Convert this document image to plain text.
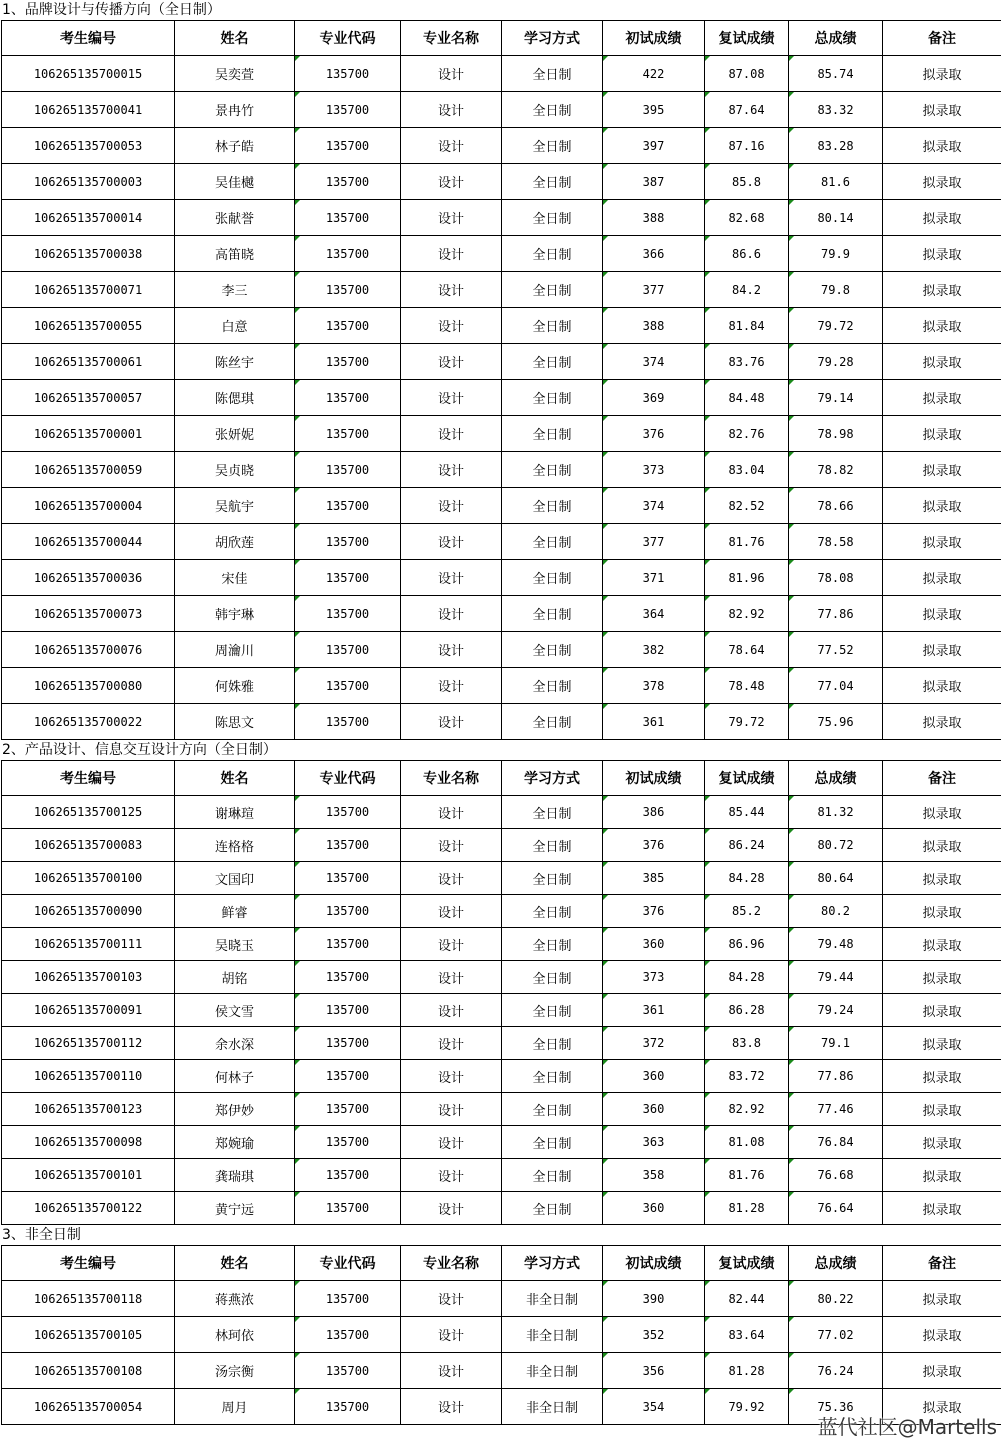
1、品牌设计与传播方向（全日制）
考生编号	姓名	专业代码	专业名称	学习方式	初试成绩	复试成绩	总成绩	备注
106265135700015	吴奕萱	135700	设计	全日制	422	87.08	85.74	拟录取
106265135700041	景冉竹	135700	设计	全日制	395	87.64	83.32	拟录取
106265135700053	林子皓	135700	设计	全日制	397	87.16	83.28	拟录取
106265135700003	吴佳樾	135700	设计	全日制	387	85.8	81.6	拟录取
106265135700014	张献誉	135700	设计	全日制	388	82.68	80.14	拟录取
106265135700038	高笛晓	135700	设计	全日制	366	86.6	79.9	拟录取
106265135700071	李三	135700	设计	全日制	377	84.2	79.8	拟录取
106265135700055	白意	135700	设计	全日制	388	81.84	79.72	拟录取
106265135700061	陈丝宇	135700	设计	全日制	374	83.76	79.28	拟录取
106265135700057	陈偲琪	135700	设计	全日制	369	84.48	79.14	拟录取
106265135700001	张妍妮	135700	设计	全日制	376	82.76	78.98	拟录取
106265135700059	吴贞晓	135700	设计	全日制	373	83.04	78.82	拟录取
106265135700004	吴航宇	135700	设计	全日制	374	82.52	78.66	拟录取
106265135700044	胡欣莲	135700	设计	全日制	377	81.76	78.58	拟录取
106265135700036	宋佳	135700	设计	全日制	371	81.96	78.08	拟录取
106265135700073	韩宇琳	135700	设计	全日制	364	82.92	77.86	拟录取
106265135700076	周瀹川	135700	设计	全日制	382	78.64	77.52	拟录取
106265135700080	何姝雅	135700	设计	全日制	378	78.48	77.04	拟录取
106265135700022	陈思文	135700	设计	全日制	361	79.72	75.96	拟录取
2、产品设计、信息交互设计方向（全日制）
考生编号	姓名	专业代码	专业名称	学习方式	初试成绩	复试成绩	总成绩	备注
106265135700125	谢琳瑄	135700	设计	全日制	386	85.44	81.32	拟录取
106265135700083	连格格	135700	设计	全日制	376	86.24	80.72	拟录取
106265135700100	文国印	135700	设计	全日制	385	84.28	80.64	拟录取
106265135700090	鲜睿	135700	设计	全日制	376	85.2	80.2	拟录取
106265135700111	吴晓玉	135700	设计	全日制	360	86.96	79.48	拟录取
106265135700103	胡铭	135700	设计	全日制	373	84.28	79.44	拟录取
106265135700091	侯文雪	135700	设计	全日制	361	86.28	79.24	拟录取
106265135700112	余水深	135700	设计	全日制	372	83.8	79.1	拟录取
106265135700110	何林子	135700	设计	全日制	360	83.72	77.86	拟录取
106265135700123	郑伊妙	135700	设计	全日制	360	82.92	77.46	拟录取
106265135700098	郑婉瑜	135700	设计	全日制	363	81.08	76.84	拟录取
106265135700101	龚瑞琪	135700	设计	全日制	358	81.76	76.68	拟录取
106265135700122	黄宁远	135700	设计	全日制	360	81.28	76.64	拟录取
3、非全日制
考生编号	姓名	专业代码	专业名称	学习方式	初试成绩	复试成绩	总成绩	备注
106265135700118	蒋燕浓	135700	设计	非全日制	390	82.44	80.22	拟录取
106265135700105	林珂依	135700	设计	非全日制	352	83.64	77.02	拟录取
106265135700108	汤宗衡	135700	设计	非全日制	356	81.28	76.24	拟录取
106265135700054	周月	135700	设计	非全日制	354	79.92	75.36	拟录取
蓝代社区@Martells
